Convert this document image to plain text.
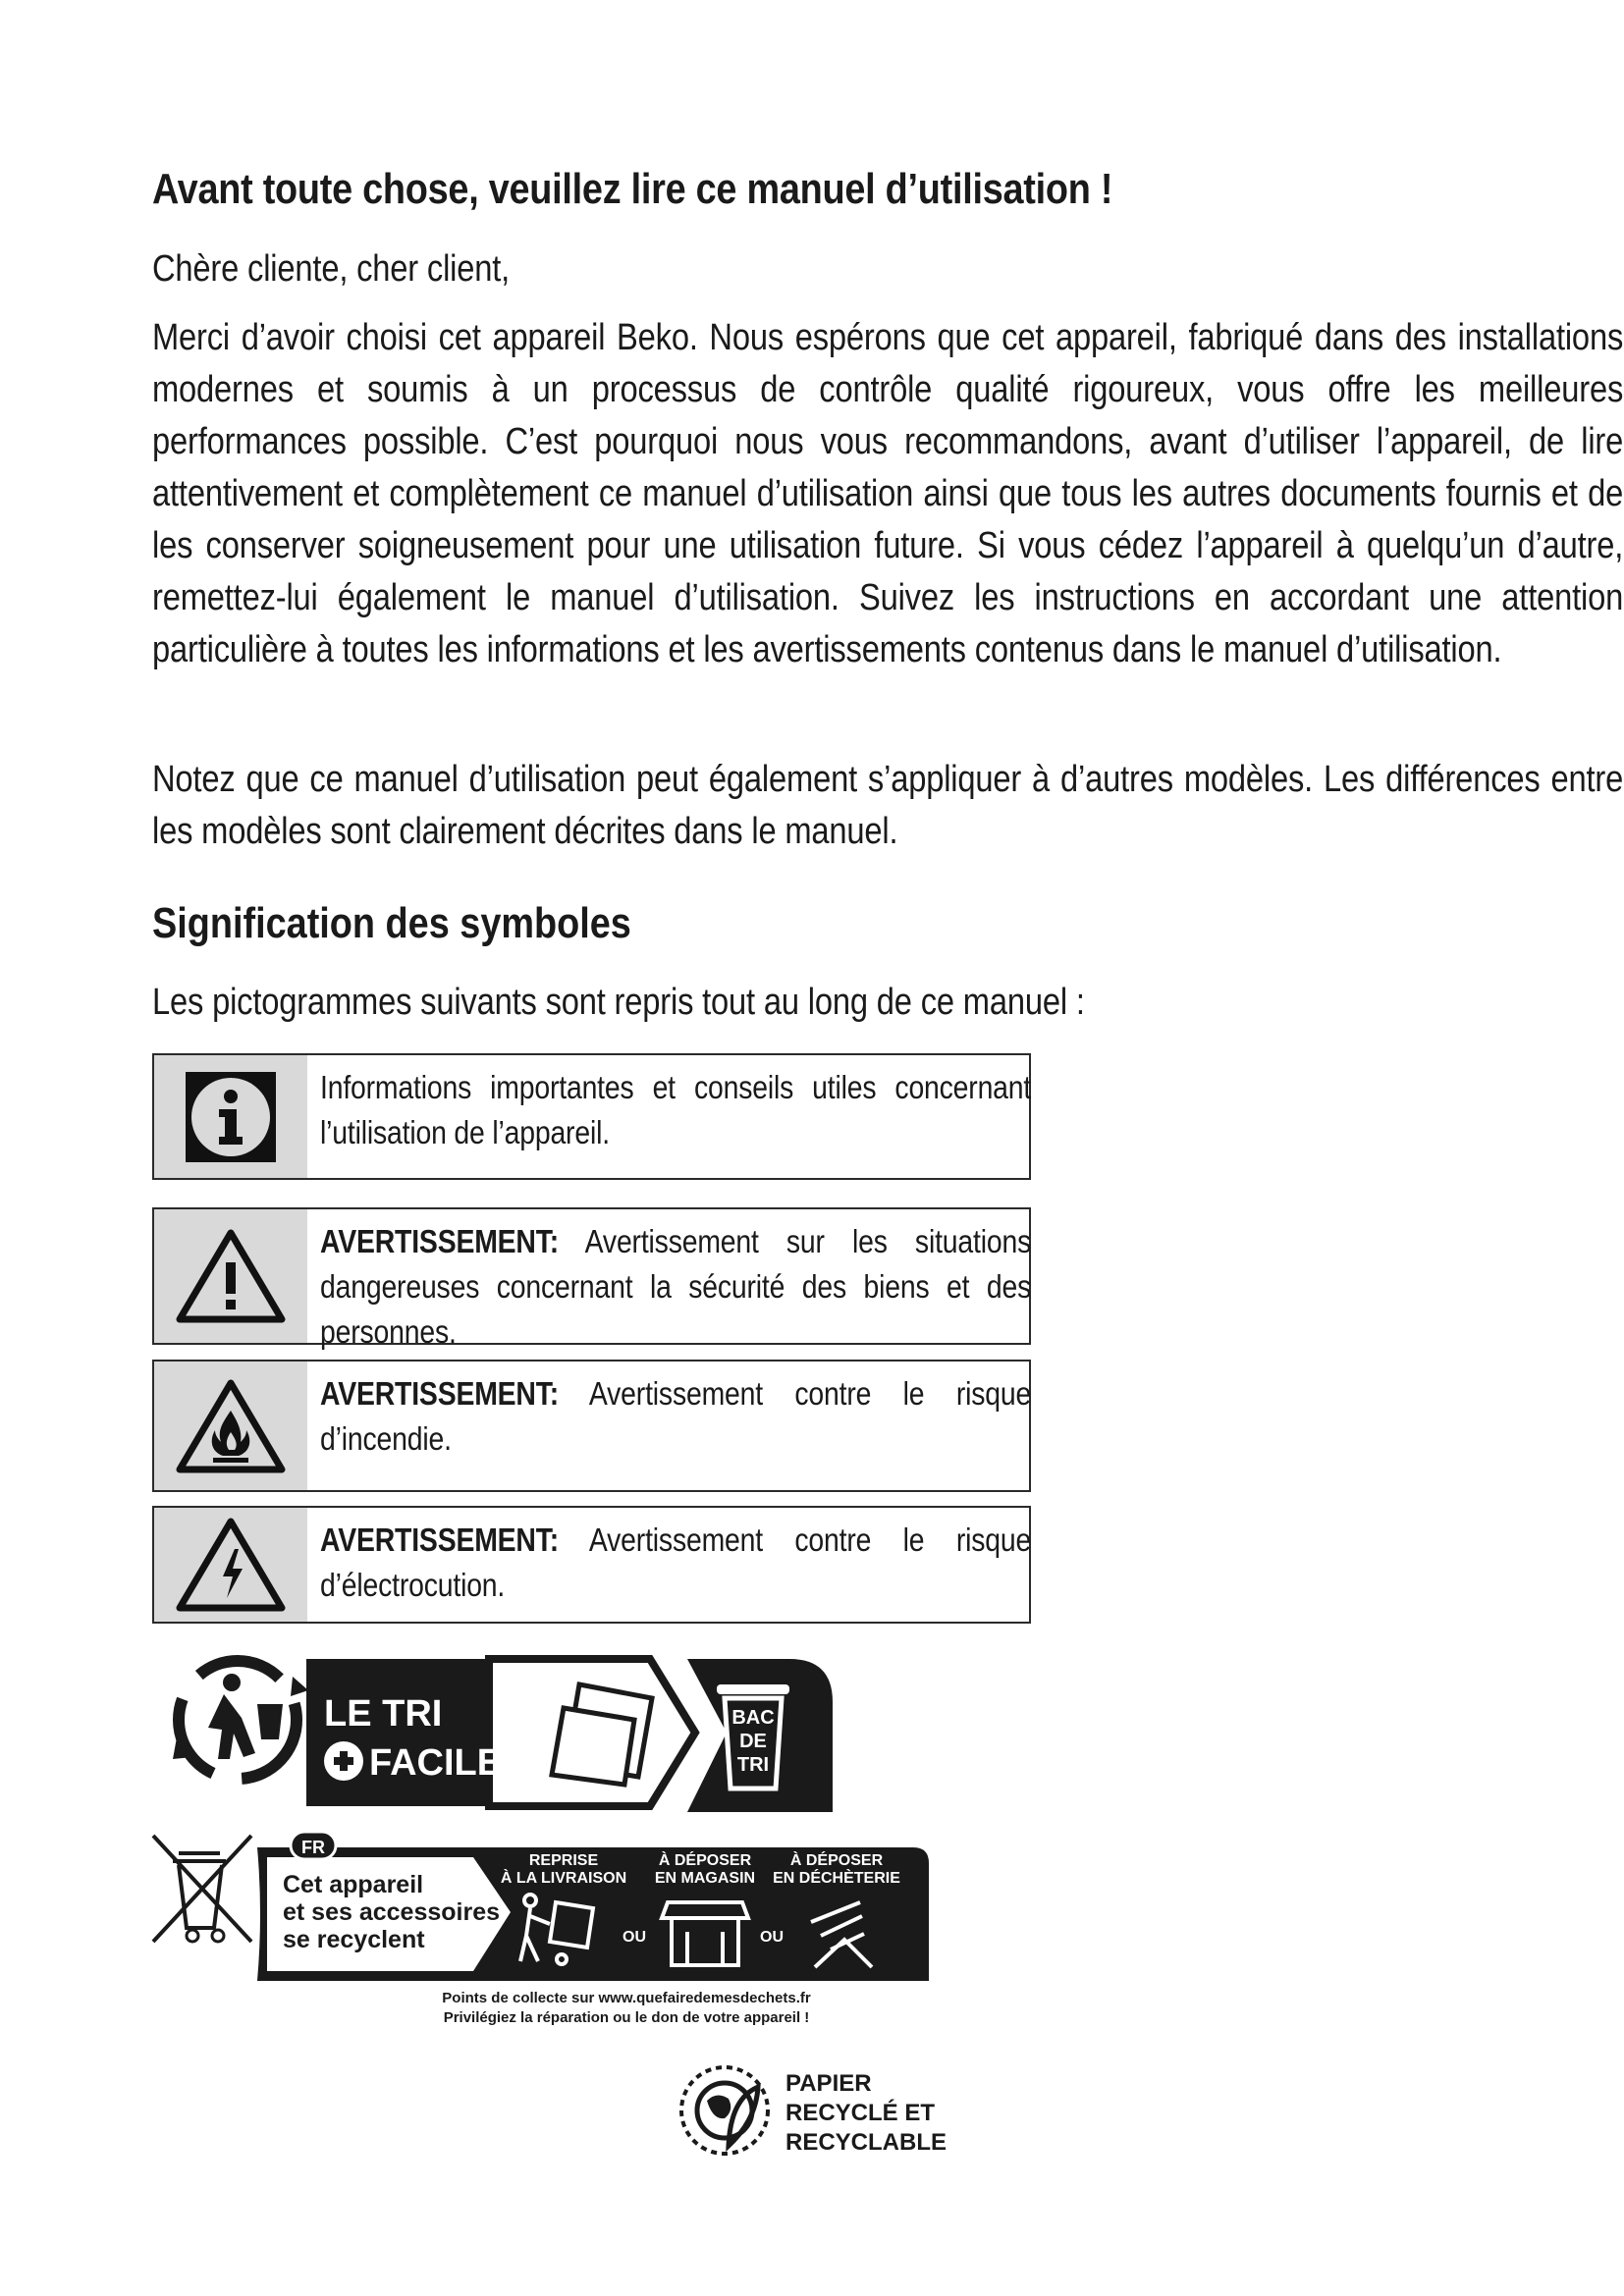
Avant toute chose, veuillez lire ce manuel d’utilisation !
Chère cliente, cher client,
Merci d’avoir choisi cet appareil Beko. Nous espérons que cet appareil, fabriqué dans des installations modernes et soumis à un processus de contrôle qualité rigoureux, vous offre les meilleures performances possible. C’est pourquoi nous vous recommandons, avant d’utiliser l’appareil, de lire attentivement et complètement ce manuel d’utilisation ainsi que tous les autres documents fournis et de les conserver soigneusement pour une utilisation future. Si vous cédez l’appareil à quelqu’un d’autre, remettez-lui également le manuel d’utilisation. Suivez les instructions en accordant une attention particulière à toutes les informations et les avertissements contenus dans le manuel d’utilisation.
Notez que ce manuel d’utilisation peut également s’appliquer à d’autres modèles. Les différences entre les modèles sont clairement décrites dans le manuel.
Signification des symboles
Les pictogrammes suivants sont repris tout au long de ce manuel :
Informations importantes et conseils utiles concernant l’utilisation de l’appareil.
AVERTISSEMENT: Avertissement sur les situations dangereuses concernant la sécurité des biens et des personnes.
AVERTISSEMENT: Avertissement contre le risque d’incendie.
AVERTISSEMENT: Avertissement contre le risque d’électrocution.
LE TRI
FACILE
BAC
DE
TRI
FR
Cet appareil
et ses accessoires
se recyclent
REPRISE
À LA LIVRAISON
À DÉPOSER
EN MAGASIN
À DÉPOSER
EN DÉCHÈTERIE
OU	OU
Points de collecte sur www.quefairedemesdechets.fr
Privilégiez la réparation ou le don de votre appareil !
PAPIER
RECYCLÉ ET
RECYCLABLE
